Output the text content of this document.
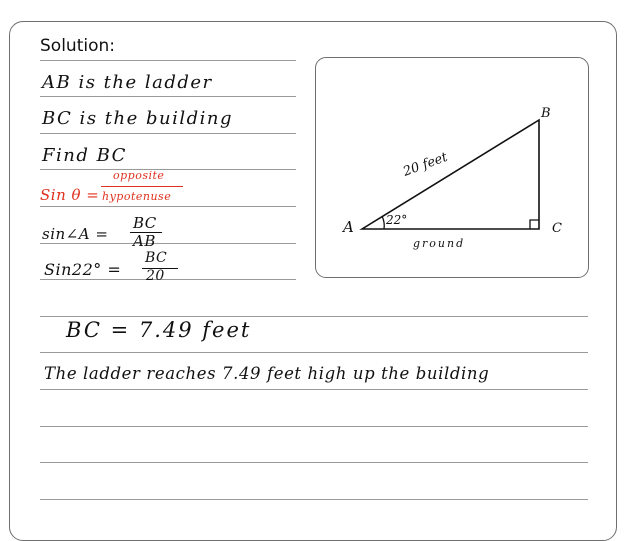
Solution:
AB is the ladder
BC is the building
Find BC
Sin θ =
opposite
hypotenuse
sin∠A =
BC
AB
Sin22° =
BC
20
BC = 7.49 feet
The ladder reaches 7.49 feet high up the building
A
B
C
20 feet
22°
ground
